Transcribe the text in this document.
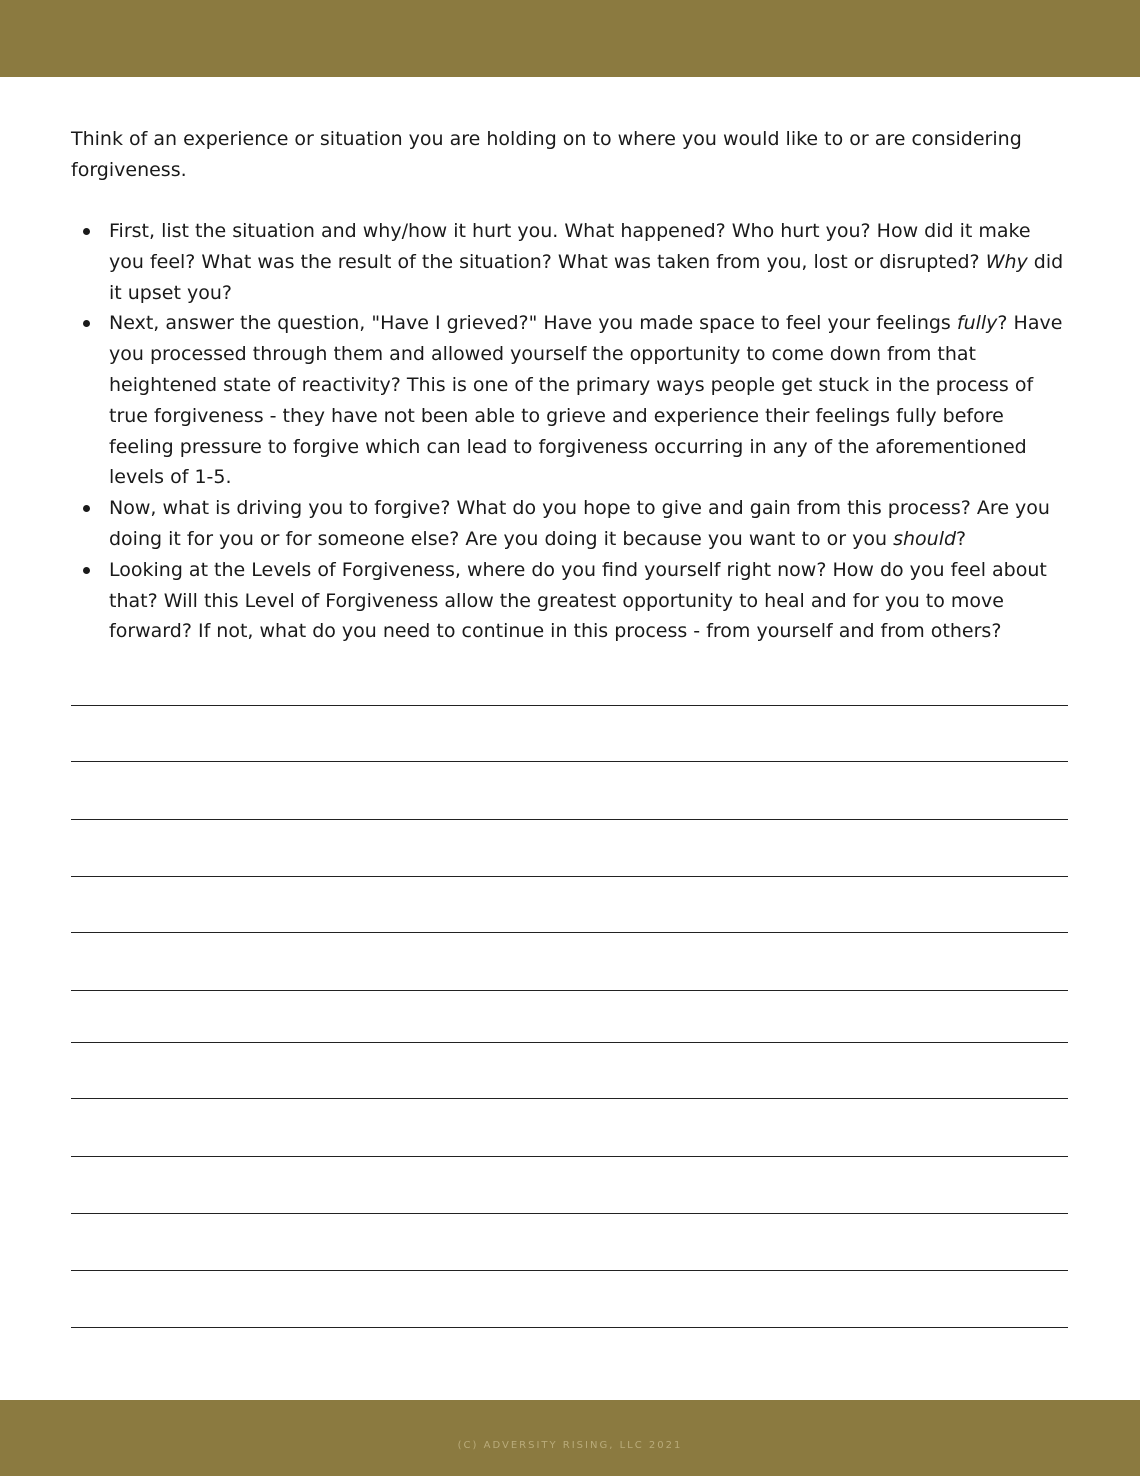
Think of an experience or situation you are holding on to where you would like to or are considering forgiveness.

First, list the situation and why/how it hurt you. What happened? Who hurt you? How did it make you feel? What was the result of the situation? What was taken from you, lost or disrupted? Why did it upset you?
Next, answer the question, "Have I grieved?" Have you made space to feel your feelings fully? Have you processed through them and allowed yourself the opportunity to come down from that heightened state of reactivity? This is one of the primary ways people get stuck in the process of true forgiveness - they have not been able to grieve and experience their feelings fully before feeling pressure to forgive which can lead to forgiveness occurring in any of the aforementioned levels of 1-5.
Now, what is driving you to forgive? What do you hope to give and gain from this process? Are you doing it for you or for someone else? Are you doing it because you want to or you should?
Looking at the Levels of Forgiveness, where do you find yourself right now? How do you feel about that? Will this Level of Forgiveness allow the greatest opportunity to heal and for you to move forward? If not, what do you need to continue in this process - from yourself and from others?
(C) ADVERSITY RISING, LLC 2021
